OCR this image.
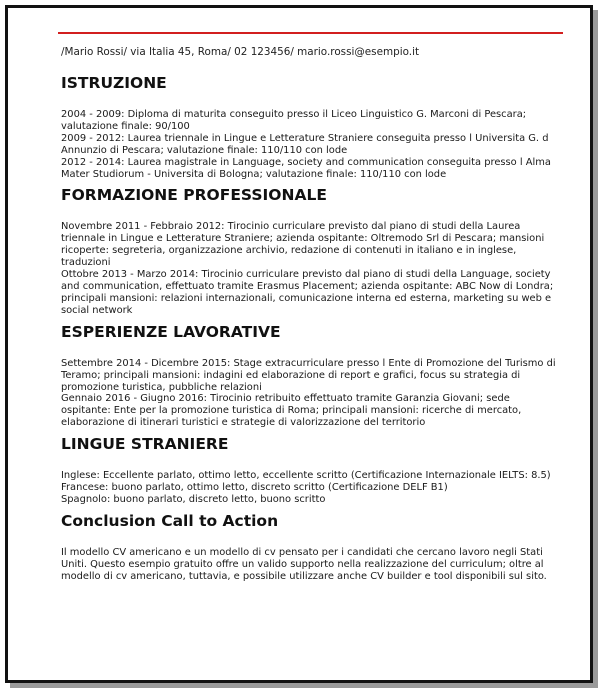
/Mario Rossi/ via Italia 45, Roma/ 02 123456/ mario.rossi@esempio.it
ISTRUZIONE

2004 - 2009: Diploma di maturita conseguito presso il Liceo Linguistico G. Marconi di Pescara; valutazione finale: 90/100

2009 - 2012: Laurea triennale in Lingue e Letterature Straniere conseguita presso l Universita G. d Annunzio di Pescara; valutazione finale: 110/110 con lode

2012 - 2014: Laurea magistrale in Language, society and communication conseguita presso l Alma Mater Studiorum - Universita di Bologna; valutazione finale: 110/110 con lode

FORMAZIONE PROFESSIONALE

Novembre 2011 - Febbraio 2012: Tirocinio curriculare previsto dal piano di studi della Laurea triennale in Lingue e Letterature Straniere; azienda ospitante: Oltremodo Srl di Pescara; mansioni ricoperte: segreteria, organizzazione archivio, redazione di contenuti in italiano e in inglese, traduzioni

Ottobre 2013 - Marzo 2014: Tirocinio curriculare previsto dal piano di studi della Language, society and communication, effettuato tramite Erasmus Placement; azienda ospitante: ABC Now di Londra; principali mansioni: relazioni internazionali, comunicazione interna ed esterna, marketing su web e social network

ESPERIENZE LAVORATIVE

Settembre 2014 - Dicembre 2015: Stage extracurriculare presso l Ente di Promozione del Turismo di Teramo; principali mansioni: indagini ed elaborazione di report e grafici, focus su strategia di promozione turistica, pubbliche relazioni

Gennaio 2016 - Giugno 2016: Tirocinio retribuito effettuato tramite Garanzia Giovani; sede ospitante: Ente per la promozione turistica di Roma; principali mansioni: ricerche di mercato, elaborazione di itinerari turistici e strategie di valorizzazione del territorio

LINGUE STRANIERE

Inglese: Eccellente parlato, ottimo letto, eccellente scritto (Certificazione Internazionale IELTS: 8.5)

Francese: buono parlato, ottimo letto, discreto scritto (Certificazione DELF B1)

Spagnolo: buono parlato, discreto letto, buono scritto

Conclusion Call to Action

Il modello CV americano e un modello di cv pensato per i candidati che cercano lavoro negli Stati Uniti. Questo esempio gratuito offre un valido supporto nella realizzazione del curriculum; oltre al modello di cv americano, tuttavia, e possibile utilizzare anche CV builder e tool disponibili sul sito.
